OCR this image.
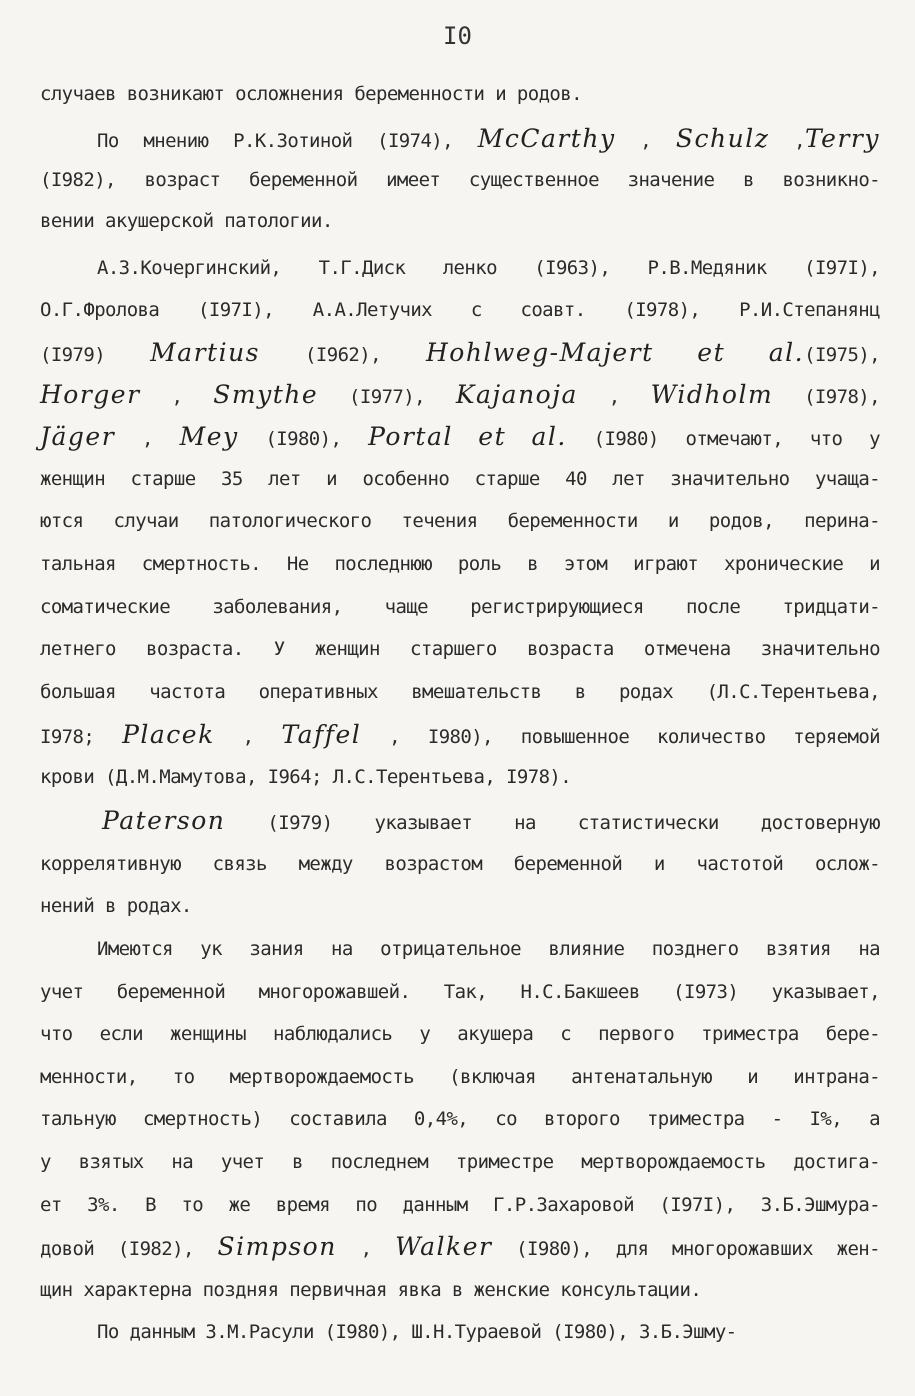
I0
случаев возникают осложнения беременности и родов.
По мнению Р.К.Зотиной (I974), McCarthy , Schulz ,Terry
(I982), возраст беременной имеет существенное значение в возникно-
вении акушерской патологии.
А.З.Кочергинский, Т.Г.Диск ленко (I963), Р.В.Медяник (I97I),
О.Г.Фролова (I97I), А.А.Летучих с соавт. (I978), Р.И.Степанянц
(I979) Martius (I962), Hohlweg-Majert et al.(I975),
Horger , Smythe (I977), Kajanoja , Widholm (I978),
Jäger , Mey (I980), Portal et al. (I980) отмечают, что у
женщин старше 35 лет и особенно старше 40 лет значительно учаща-
ются случаи патологического течения беременности и родов, перина-
тальная смертность. Не последнюю роль в этом играют хронические и
соматические заболевания, чаще регистрирующиеся после тридцати-
летнего возраста. У женщин старшего возраста отмечена значительно
большая частота оперативных вмешательств в родах (Л.С.Терентьева,
I978; Placek , Taffel , I980), повышенное количество теряемой
крови (Д.М.Мамутова, I964; Л.С.Терентьева, I978).
Paterson (I979) указывает на статистически достоверную
коррелятивную связь между возрастом беременной и частотой ослож-
нений в родах.
Имеются ук зания на отрицательное влияние позднего взятия на
учет беременной многорожавшей. Так, Н.С.Бакшеев (I973) указывает,
что если женщины наблюдались у акушера с первого триместра бере-
менности, то мертворождаемость (включая антенатальную и интрана-
тальную смертность) составила 0,4%, со второго триместра - I%, а
у взятых на учет в последнем триместре мертворождаемость достига-
ет 3%. В то же время по данным Г.Р.Захаровой (I97I), З.Б.Эшмура-
довой (I982), Simpson , Walker (I980), для многорожавших жен-
щин характерна поздняя первичная явка в женские консультации.
По данным З.М.Расули (I980), Ш.Н.Тураевой (I980), З.Б.Эшму-
